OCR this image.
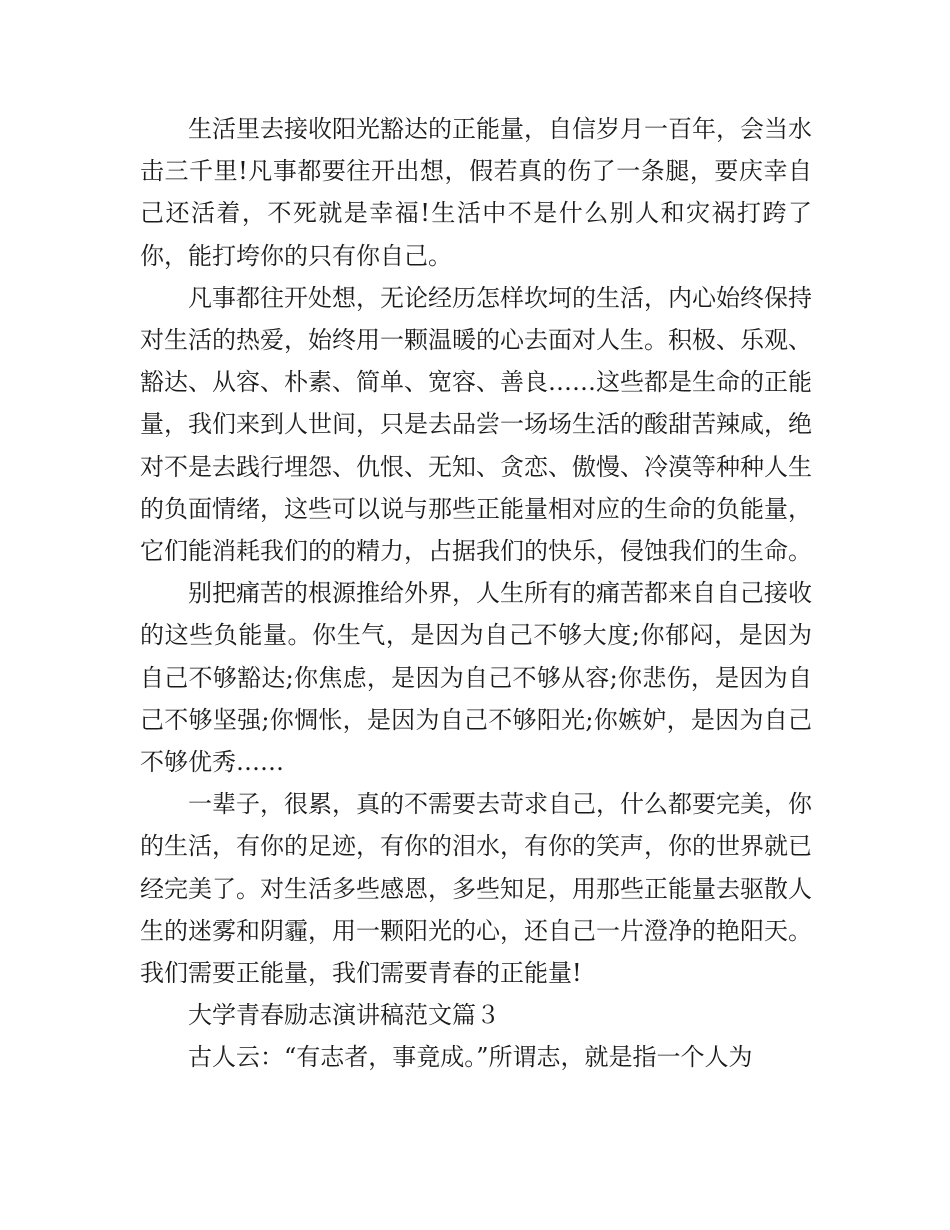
生活里去接收阳光豁达的正能量，自信岁月一百年，会当水击三千里!凡事都要往开出想，假若真的伤了一条腿，要庆幸自己还活着，不死就是幸福!生活中不是什么别人和灾祸打跨了你，能打垮你的只有你自己。

凡事都往开处想，无论经历怎样坎坷的生活，内心始终保持对生活的热爱，始终用一颗温暖的心去面对人生。积极、乐观、豁达、从容、朴素、简单、宽容、善良……这些都是生命的正能量，我们来到人世间，只是去品尝一场场生活的酸甜苦辣咸，绝对不是去践行埋怨、仇恨、无知、贪恋、傲慢、冷漠等种种人生的负面情绪，这些可以说与那些正能量相对应的生命的负能量，它们能消耗我们的的精力，占据我们的快乐，侵蚀我们的生命。

别把痛苦的根源推给外界，人生所有的痛苦都来自自己接收的这些负能量。你生气，是因为自己不够大度;你郁闷，是因为自己不够豁达;你焦虑，是因为自己不够从容;你悲伤，是因为自己不够坚强;你惆怅，是因为自己不够阳光;你嫉妒，是因为自己不够优秀……

一辈子，很累，真的不需要去苛求自己，什么都要完美，你的生活，有你的足迹，有你的泪水，有你的笑声，你的世界就已经完美了。对生活多些感恩，多些知足，用那些正能量去驱散人生的迷雾和阴霾，用一颗阳光的心，还自己一片澄净的艳阳天。我们需要正能量，我们需要青春的正能量!

大学青春励志演讲稿范文篇３

古人云：“有志者，事竟成。”所谓志，就是指一个人为
